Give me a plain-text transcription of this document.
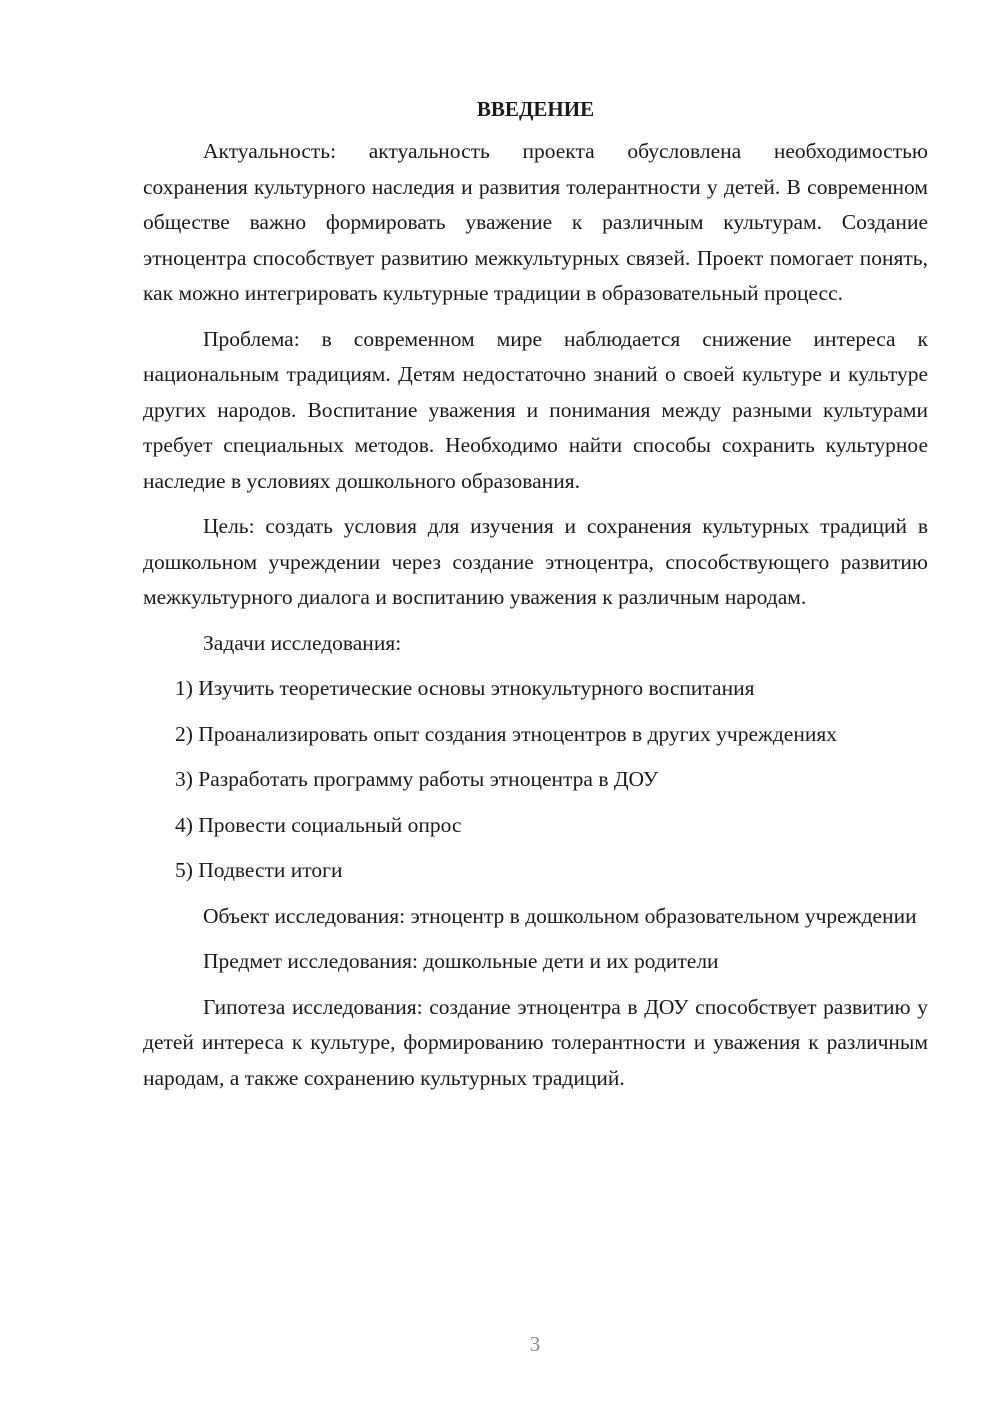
ВВЕДЕНИЕ

Актуальность: актуальность проекта обусловлена необходимостью сохранения культурного наследия и развития толерантности у детей. В современном обществе важно формировать уважение к различным культурам. Создание этноцентра способствует развитию межкультурных связей. Проект помогает понять, как можно интегрировать культурные традиции в образовательный процесс.

Проблема: в современном мире наблюдается снижение интереса к национальным традициям. Детям недостаточно знаний о своей культуре и культуре других народов. Воспитание уважения и понимания между разными культурами требует специальных методов. Необходимо найти способы сохранить культурное наследие в условиях дошкольного образования.

Цель: создать условия для изучения и сохранения культурных традиций в дошкольном учреждении через создание этноцентра, способствующего развитию межкультурного диалога и воспитанию уважения к различным народам.

Задачи исследования:

1) Изучить теоретические основы этнокультурного воспитания

2) Проанализировать опыт создания этноцентров в других учреждениях

3) Разработать программу работы этноцентра в ДОУ

4) Провести социальный опрос

5) Подвести итоги

Объект исследования: этноцентр в дошкольном образовательном учреждении

Предмет исследования: дошкольные дети и их родители

Гипотеза исследования: создание этноцентра в ДОУ способствует развитию у детей интереса к культуре, формированию толерантности и уважения к различным народам, а также сохранению культурных традиций.

3
